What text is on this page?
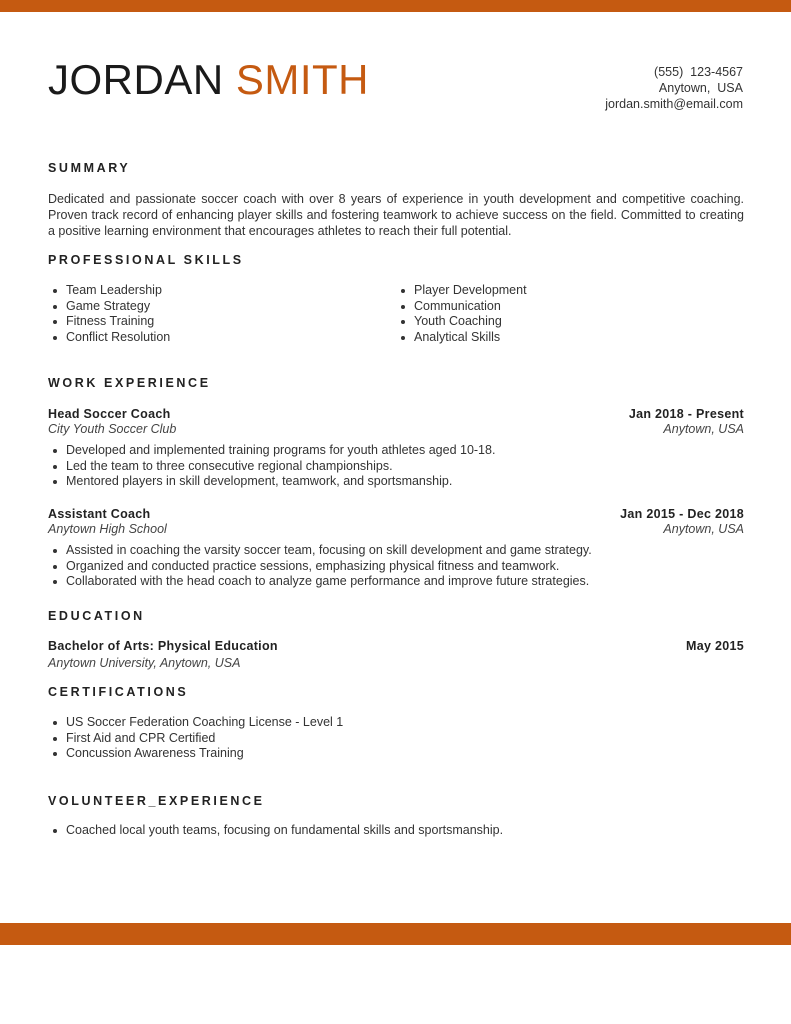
JORDAN SMITH	(555)  123-4567
Anytown,  USA
jordan.smith@email.com
SUMMARY
Dedicated and passionate soccer coach with over 8 years of experience in youth development and competitive coaching. Proven track record of enhancing player skills and fostering teamwork to achieve success on the field. Committed to creating a positive learning environment that encourages athletes to reach their full potential.
PROFESSIONAL SKILLS
Team Leadership
Game Strategy
Fitness Training
Conflict Resolution
Player Development
Communication
Youth Coaching
Analytical Skills
WORK EXPERIENCE
Head Soccer Coach	Jan 2018 - Present
City Youth Soccer Club	Anytown, USA
Developed and implemented training programs for youth athletes aged 10-18.
Led the team to three consecutive regional championships.
Mentored players in skill development, teamwork, and sportsmanship.
Assistant Coach	Jan 2015 - Dec 2018
Anytown High School	Anytown, USA
Assisted in coaching the varsity soccer team, focusing on skill development and game strategy.
Organized and conducted practice sessions, emphasizing physical fitness and teamwork.
Collaborated with the head coach to analyze game performance and improve future strategies.
EDUCATION
Bachelor of Arts: Physical Education	May 2015
Anytown University, Anytown, USA
CERTIFICATIONS
US Soccer Federation Coaching License - Level 1
First Aid and CPR Certified
Concussion Awareness Training
VOLUNTEER_EXPERIENCE
Coached local youth teams, focusing on fundamental skills and sportsmanship.
